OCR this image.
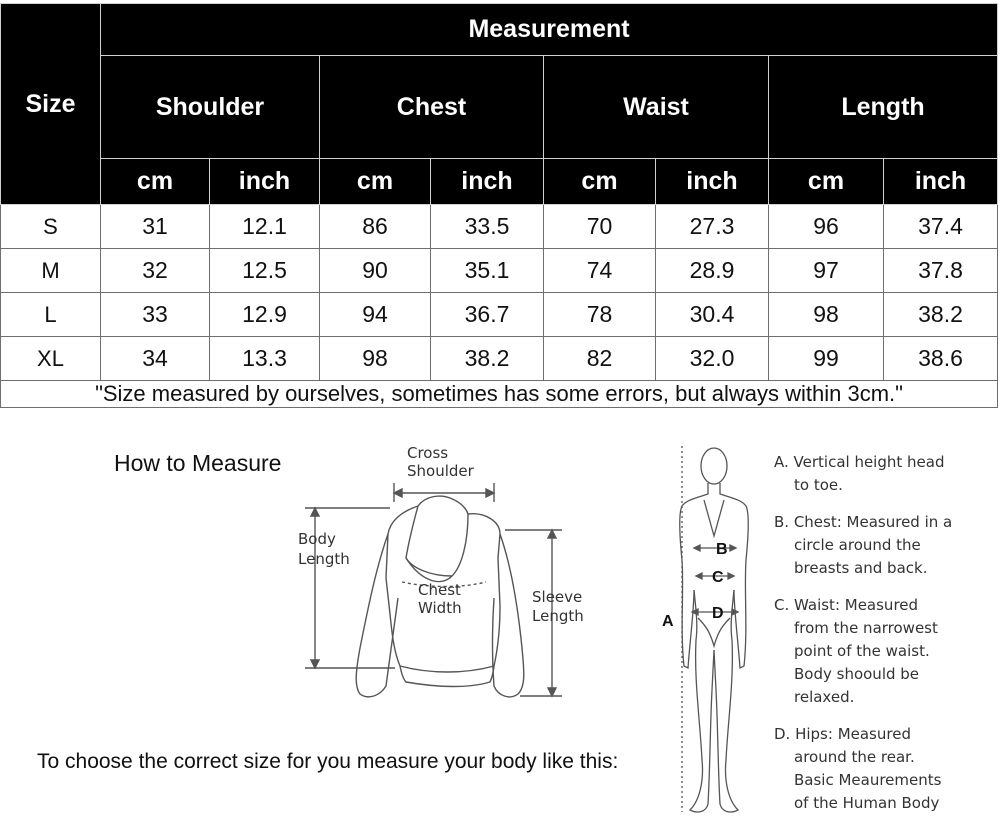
Size	Measurement							
	Shoulder		Chest		Waist		Length	
	cm	inch	cm	inch	cm	inch	cm	inch
S	31	12.1	86	33.5	70	27.3	96	37.4
M	32	12.5	90	35.1	74	28.9	97	37.8
L	33	12.9	94	36.7	78	30.4	98	38.2
XL	34	13.3	98	38.2	82	32.0	99	38.6
"Size measured by ourselves, sometimes has some errors, but always within 3cm."								
How to Measure
To choose the correct size for you measure your body like this:
Cross
Shoulder
Body
Length
Chest
Width
Sleeve
Length
B
C
D
A
A. Vertical height head
to toe.
B. Chest: Measured in a
circle around the
breasts and back.
C. Waist: Measured
from the narrowest
point of the waist.
Body shoould be
relaxed.
D. Hips: Measured
around the rear.
Basic Meaurements
of the Human Body
